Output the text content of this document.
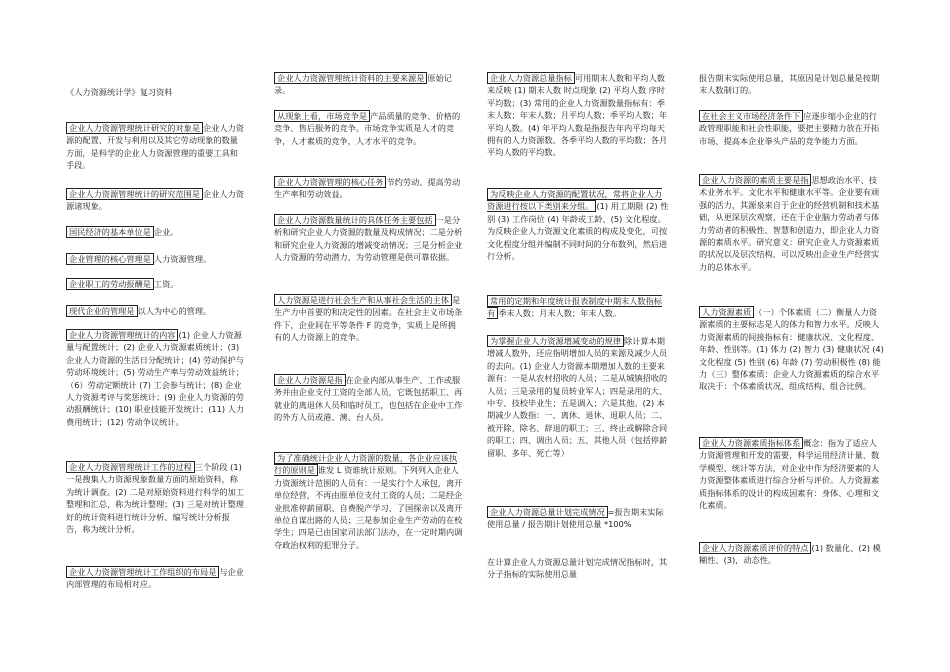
《人力资源统计学》复习资料
企业人力资源管理统计研究的对象是 企业人力资源的配置、开发与利用以及其它劳动现象的数量方面，是科学的企业人力资源管理的重要工具和手段。
企业人力资源管理统计的研究范围是 企业人力资源诸现象。
国民经济的基本单位是 企业。
企业管理的核心管理是 人力资源管理。
企业职工的劳动报酬是 工资。
现代企业的管理是 以人为中心的管理。
企业人力资源管理统计的内容 (1) 企业人力资源量与配置统计；(2) 企业人力资源素质统计；(3) 企业人力资源的生活日分配统计；(4) 劳动保护与劳动环境统计；(5) 劳动生产率与劳动效益统计；（6）劳动定额统计 (7) 工会参与统计；(8) 企业人力资源考评与奖惩统计；(9) 企业人力资源的劳动报酬统计；(10) 职业技能开发统计；(11) 人力费用统计；(12) 劳动争议统计。
企业人力资源管理统计工作的过程 三个阶段 (1) 一是搜集人力资源现象数量方面的原始资料，称为统计调查。(2) 二是对原始资料进行科学的加工整理和汇总，称为统计整理；(3) 三是对统计整理好的统计资料进行统计分析、编写统计分析报告，称为统计分析。
企业人力资源管理统计工作组织的布局是 与企业内部管理的布局相对应。
企业人力资源管理统计资料的主要来源是 原始记录。
从现象上看，市场竞争是 产品质量的竞争、价格的竞争、售后服务的竞争。市场竞争实质是人才的竞争，人才素质的竞争，人才水平的竞争。
企业人力资源管理的核心任务 节约劳动、提高劳动生产率和劳动效益。
企业人力资源数量统计的具体任务主要包括 一是分析和研究企业人力资源的数量及构成情况；二是分析和研究企业人力资源的增减变动情况；三是分析企业人力资源的劳动潜力，为劳动管理是供可靠依据。
人力资源是进行社会生产和从事社会生活的主体 是生产力中首要的和决定性的因素。在社会主义市场条件下，企业间在平等条件 F 的竞争，实质上是所拥有的人力资源上的竞争。
企业人力资源是指 在企业内部从事生产、工作或服务并由企业支付工资的全部人员，它既包括职工、再就业的离退休人员和临时员工，也包括在企业中工作的外方人员或港、澳、台人员。
为了准确统计企业人力资源的数量，各企业应该执行的原则是 谁发 L 资谁统计原则。下列列入企业人力资源统计范围的人员有：一是实行个人承包，离开单位经营，不再由原单位支付工资的人员；二是经企业批准停薪留职、自费脱产学习、了国探亲以及离开单位自谋出路的人员；三是参加企业生产劳动的在校学生；四是已由国家司法部门法办，在一定时期内调夺政治权利的犯罪分子。
企业人力资源总量指标 可用期末人数和平均人数来反映 (1) 期末人数 时点现象 (2) 平均人数 序时平均数；(3) 常用的企业人力资源数量指标有：季末人数；年末人数；月平均人数；季平均人数；年平均人数。(4) 年平均人数是指报告年内平均每天拥有的人力资源数。各季平均人数的平均数；各月平均人数的平均数。
为反映企业人力资源的配置状况，常将企业人力资源进行按以下类别来分组。 (1) 用工期限 (2) 性别 (3) 工作岗位 (4) 年龄或工龄、(5) 文化程度。为反映企业人力资源文化素质的构成及变化，可按文化程度分组并编制不同时间的分布数列，然后进行分析。
常用的定期和年度统计报表制度中期末人数指标有 季末人数；月末人数；年末人数。
为掌握企业人力资源增减变动的规律 除计算本期增减人数外，还应指明增加人员的来源及减少人员的去向。(1) 企业人力资源本期增加人数的主要来源有：一是从农村招收的人员；二是从城镇招收的人员；三是录用的复员转业军人；四是录用的大、中专、技校毕业生；五是调入；六是其他。(2) 本期减少人数指：一、离休、退休、退职人员；二、被开除、除名、辞退的职工；三、终止或解除合同的职工；四、调出人员；五、其他人员（包括停薪留职、多年、死亡等）
企业人力资源总量计划完成情况 =报告期末实际使用总量 / 报告期计划使用总量 *100%
在计算企业人力资源总量计划完成情况指标时，其分子指标的实际使用总量
报告期末实际使用总量，其原因是计划总量是按期末人数制订的。
在社会主义市场经济条件下 应逐步缩小企业的行政管理职能和社会性职能，要把主要精力放在开拓市场、提高本企业拳头产品的竞争能力方面。
企业人力资源的素质主要是指 思想政治水平、技术业务水平。文化水平和健康水平等。企业要有顽强的活力，其源泉来自于企业的经营机制和技术基础，从更深层次观察，还在于企业脑力劳动者与体力劳动者的积极性、智慧和创造力，即企业人力资源的素质水平。研究意义：研究企业人力资源素质的状况以及层次结构，可以反映出企业生产经营实力的总体水平。
人力资源素质 （一）个体素质（二）衡量人力资源素质的主要标志是人的体力和智力水平。反映人力资源素质的间接指标有：健康状况、文化程度、年龄、性别等。(1) 体力 (2) 智力 (3) 健康状况 (4) 文化程度 (5) 性别 (6) 年龄 (7) 劳动积极性 (8) 能力（三）整体素质：企业人力资源素质的综合水平取决于：个体素质状况、组成结构、组合比例。
企业人力资源素质指标体系 概念：指为了适应人力资源管理和开发的需要，科学运用经济计量、数学模型、统计等方法，对企业中作为经济要素的人力资源整体素质进行综合分析与评价。人力资源素质指标体系的设计的构成因素有：身体、心理和文化素质。
企业人力资源素质评价的特点 (1) 数量化、(2) 模糊性、(3)，动态性。
